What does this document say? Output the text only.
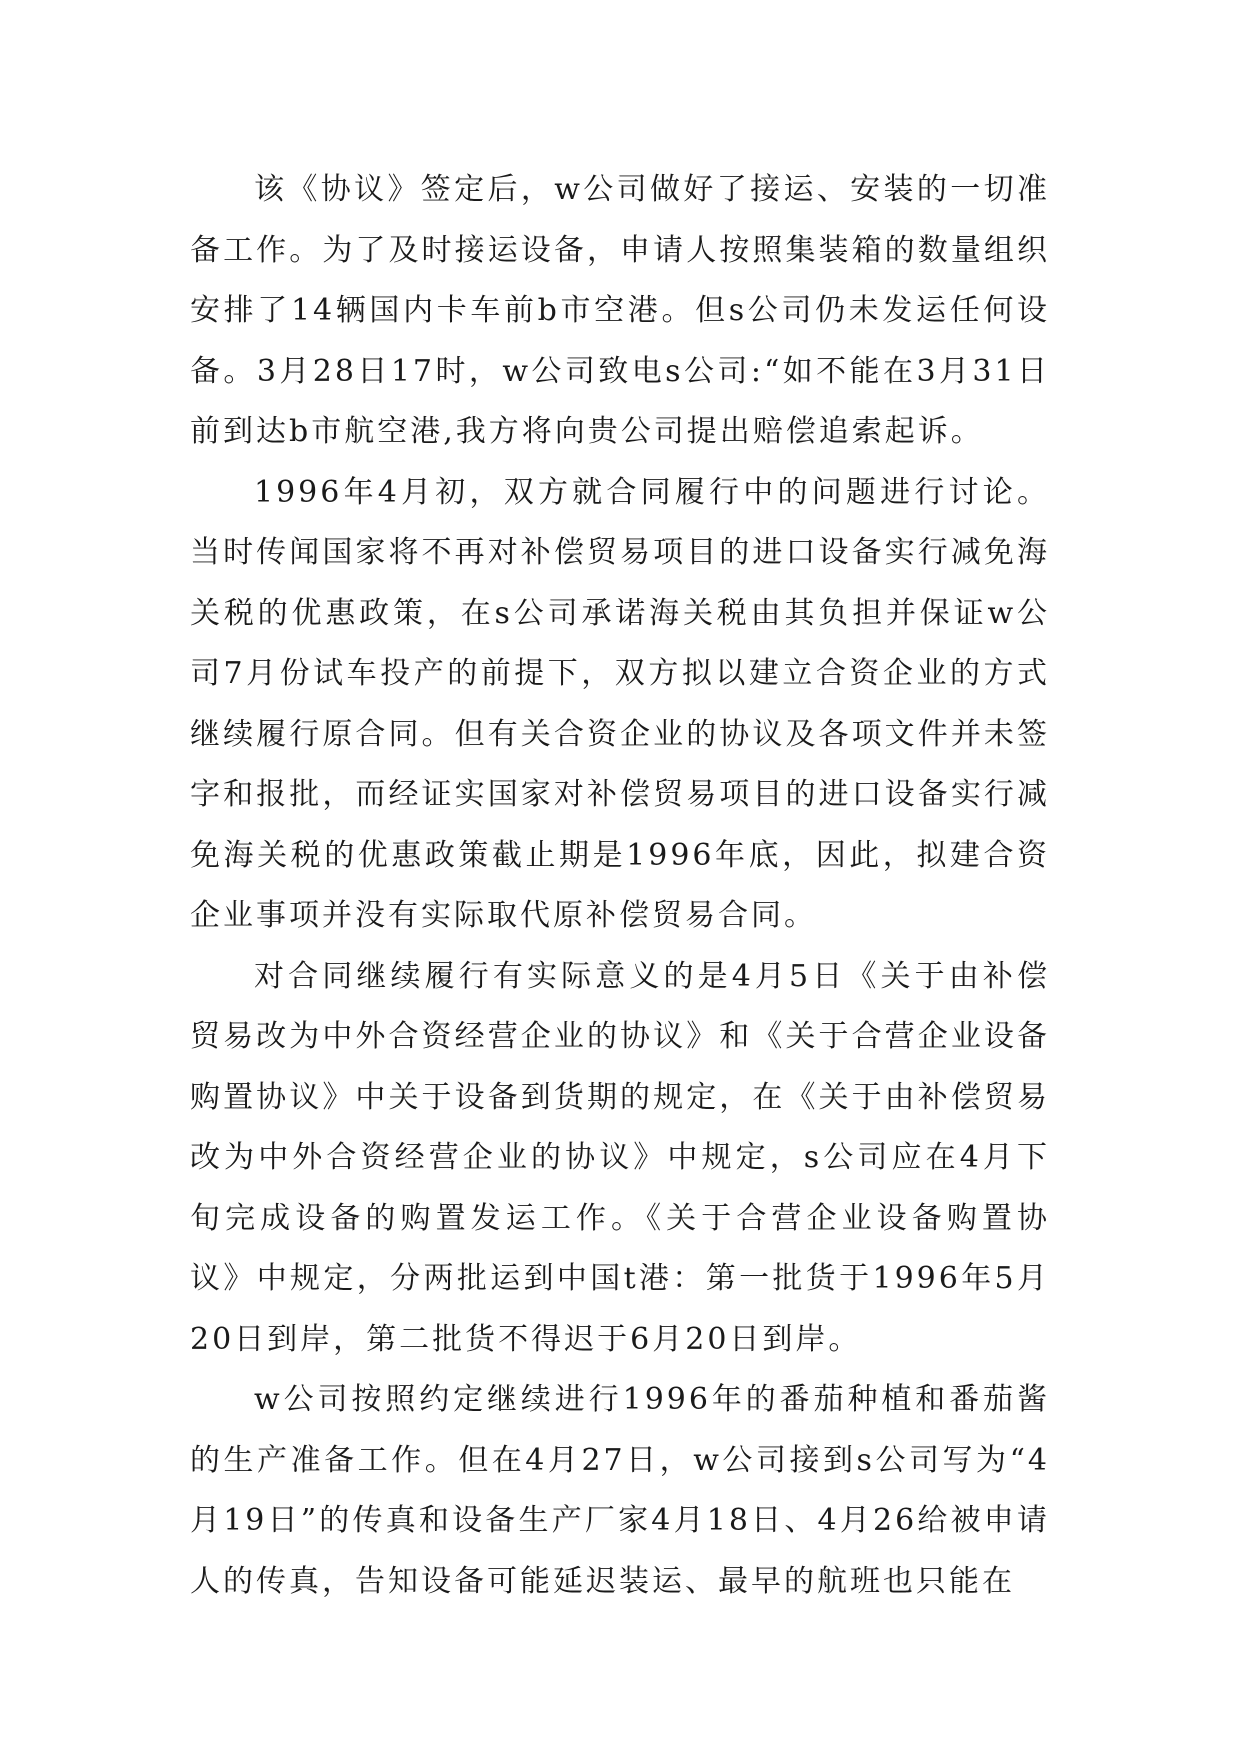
该《协议》签定后，w公司做好了接运、安装的一切准备工作。为了及时接运设备，申请人按照集装箱的数量组织安排了14辆国内卡车前b市空港。但s公司仍未发运任何设备。3月28日17时，w公司致电s公司:“如不能在3月31日前到达b市航空港,我方将向贵公司提出赔偿追索起诉。

1996年4月初，双方就合同履行中的问题进行讨论。当时传闻国家将不再对补偿贸易项目的进口设备实行减免海关税的优惠政策，在s公司承诺海关税由其负担并保证w公司7月份试车投产的前提下，双方拟以建立合资企业的方式继续履行原合同。但有关合资企业的协议及各项文件并未签字和报批，而经证实国家对补偿贸易项目的进口设备实行减免海关税的优惠政策截止期是1996年底，因此，拟建合资企业事项并没有实际取代原补偿贸易合同。

对合同继续履行有实际意义的是4月5日《关于由补偿贸易改为中外合资经营企业的协议》和《关于合营企业设备购置协议》中关于设备到货期的规定，在《关于由补偿贸易改为中外合资经营企业的协议》中规定，s公司应在4月下旬完成设备的购置发运工作。《关于合营企业设备购置协议》中规定，分两批运到中国t港：第一批货于1996年5月20日到岸，第二批货不得迟于6月20日到岸。

w公司按照约定继续进行1996年的番茄种植和番茄酱的生产准备工作。但在4月27日，w公司接到s公司写为“4月19日”的传真和设备生产厂家4月18日、4月26给被申请人的传真，告知设备可能延迟装运、最早的航班也只能在
